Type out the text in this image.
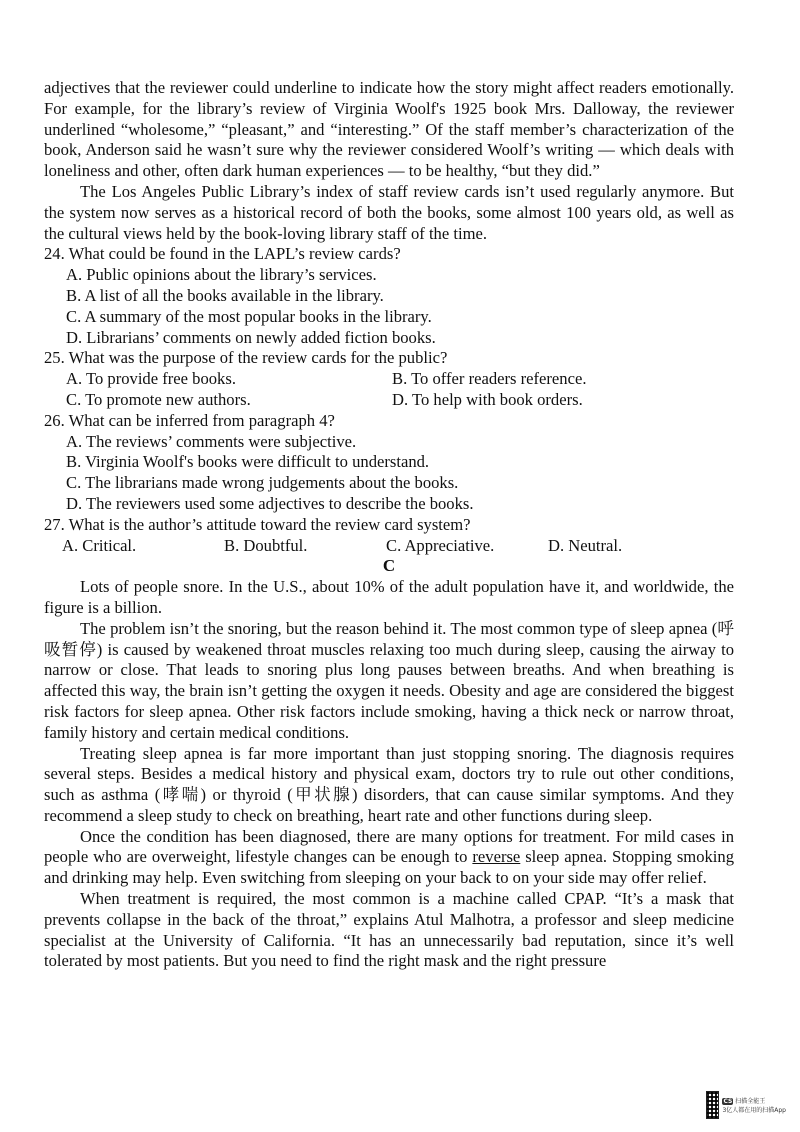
adjectives that the reviewer could underline to indicate how the story might affect readers emotionally. For example, for the library’s review of Virginia Woolf's 1925 book Mrs. Dalloway, the reviewer underlined “wholesome,” “pleasant,” and “interesting.” Of the staff member’s characterization of the book, Anderson said he wasn’t sure why the reviewer considered Woolf’s writing — which deals with loneliness and other, often dark human experiences — to be healthy, “but they did.”

The Los Angeles Public Library’s index of staff review cards isn’t used regularly anymore. But the system now serves as a historical record of both the books, some almost 100 years old, as well as the cultural views held by the book-loving library staff of the time.

24. What could be found in the LAPL’s review cards?

A. Public opinions about the library’s services.

B. A list of all the books available in the library.

C. A summary of the most popular books in the library.

D. Librarians’ comments on newly added fiction books.

25. What was the purpose of the review cards for the public?

A. To provide free books.	B. To offer readers reference.
C. To promote new authors.	D. To help with book orders.

26. What can be inferred from paragraph 4?

A. The reviews’ comments were subjective.

B. Virginia Woolf's books were difficult to understand.

C. The librarians made wrong judgements about the books.

D. The reviewers used some adjectives to describe the books.

27. What is the author’s attitude toward the review card system?

A. Critical.	B. Doubtful.	C. Appreciative.	D. Neutral.

C

Lots of people snore. In the U.S., about 10% of the adult population have it, and worldwide, the figure is a billion.

The problem isn’t the snoring, but the reason behind it. The most common type of sleep apnea (呼吸暂停) is caused by weakened throat muscles relaxing too much during sleep, causing the airway to narrow or close. That leads to snoring plus long pauses between breaths. And when breathing is affected this way, the brain isn’t getting the oxygen it needs. Obesity and age are considered the biggest risk factors for sleep apnea. Other risk factors include smoking, having a thick neck or narrow throat, family history and certain medical conditions.

Treating sleep apnea is far more important than just stopping snoring. The diagnosis requires several steps. Besides a medical history and physical exam, doctors try to rule out other conditions, such as asthma (哮喘) or thyroid (甲状腺) disorders, that can cause similar symptoms. And they recommend a sleep study to check on breathing, heart rate and other functions during sleep.

Once the condition has been diagnosed, there are many options for treatment. For mild cases in people who are overweight, lifestyle changes can be enough to reverse sleep apnea. Stopping smoking and drinking may help. Even switching from sleeping on your back to on your side may offer relief.

When treatment is required, the most common is a machine called CPAP. “It’s a mask that prevents collapse in the back of the throat,” explains Atul Malhotra, a professor and sleep medicine specialist at the University of California. “It has an unnecessarily bad reputation, since it’s well tolerated by most patients. But you need to find the right mask and the right pressure

CS 扫描全能王
3亿人都在用的扫描App
